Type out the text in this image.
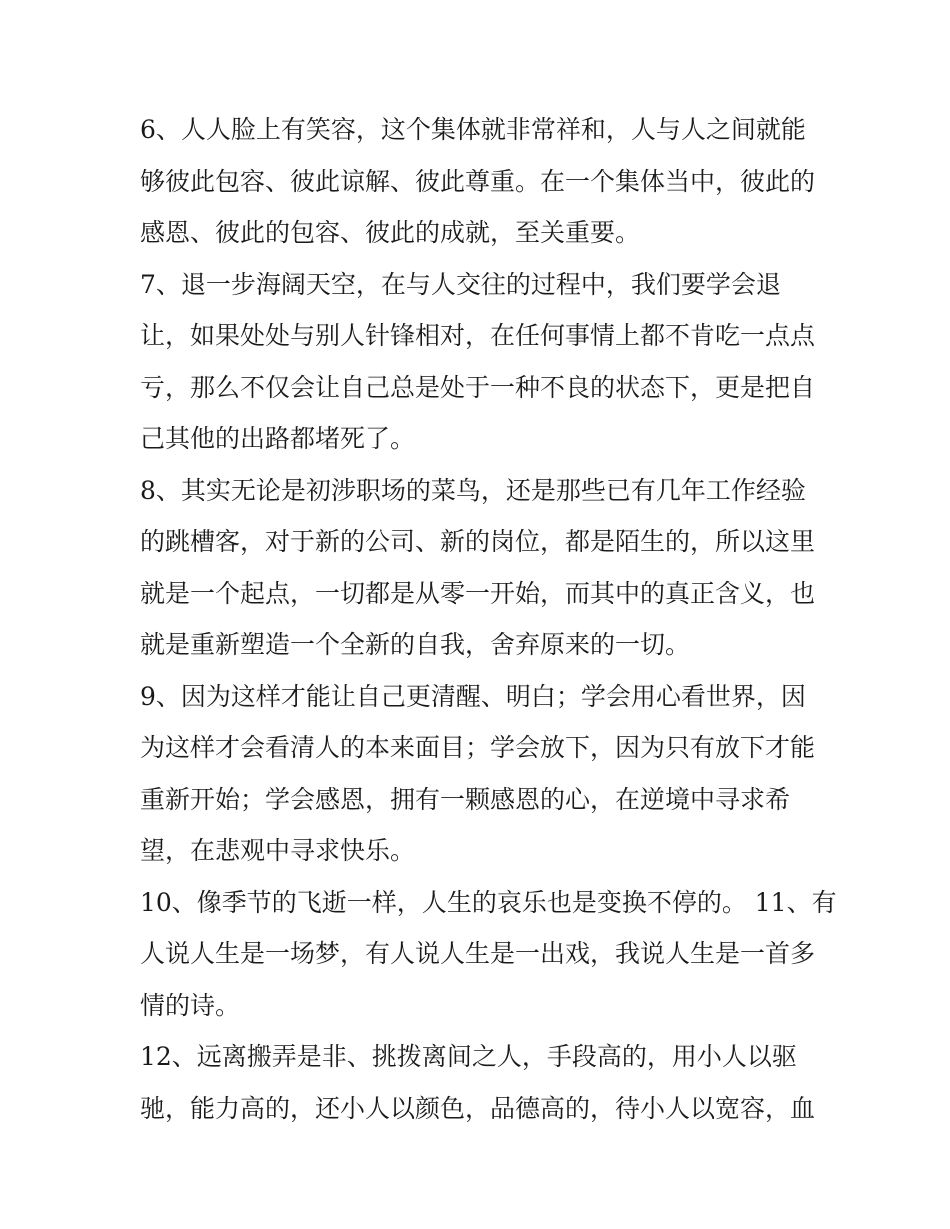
6、人人脸上有笑容，这个集体就非常祥和，人与人之间就能
够彼此包容、彼此谅解、彼此尊重。在一个集体当中，彼此的
感恩、彼此的包容、彼此的成就，至关重要。
7、退一步海阔天空，在与人交往的过程中，我们要学会退
让，如果处处与别人针锋相对，在任何事情上都不肯吃一点点
亏，那么不仅会让自己总是处于一种不良的状态下，更是把自
己其他的出路都堵死了。
8、其实无论是初涉职场的菜鸟，还是那些已有几年工作经验
的跳槽客，对于新的公司、新的岗位，都是陌生的，所以这里
就是一个起点，一切都是从零一开始，而其中的真正含义，也
就是重新塑造一个全新的自我，舍弃原来的一切。
9、因为这样才能让自己更清醒、明白；学会用心看世界，因
为这样才会看清人的本来面目；学会放下，因为只有放下才能
重新开始；学会感恩，拥有一颗感恩的心，在逆境中寻求希
望，在悲观中寻求快乐。
10、像季节的飞逝一样，人生的哀乐也是变换不停的。 11、有
人说人生是一场梦，有人说人生是一出戏，我说人生是一首多
情的诗。
12、远离搬弄是非、挑拨离间之人，手段高的，用小人以驱
驰，能力高的，还小人以颜色，品德高的，待小人以宽容，血
